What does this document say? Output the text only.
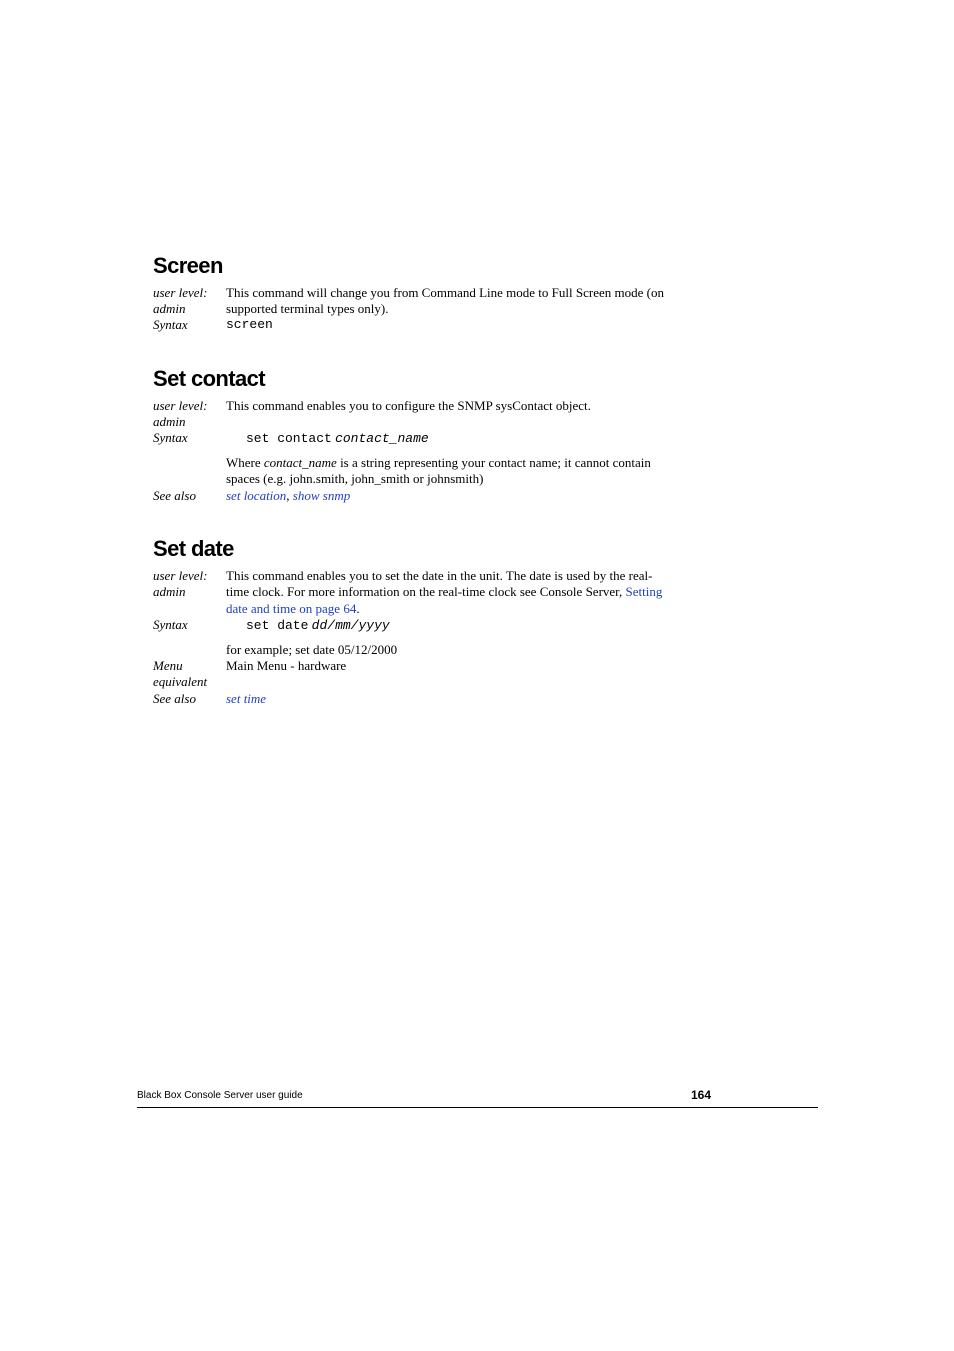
Screen
user level: This command will change you from Command Line mode to Full Screen mode (on
admin	supported terminal types only).
Syntax	screen
Set contact
user level: This command enables you to configure the SNMP sysContact object.
admin
Syntax	set contact contact_name
Where contact_name is a string representing your contact name; it cannot contain
spaces (e.g. john.smith, john_smith or johnsmith)
See also set location, show snmp
Set date
user level: This command enables you to set the date in the unit. The date is used by the real-
admin	time clock. For more information on the real-time clock see Console Server, Setting
date and time on page 64.
Syntax	set date dd/mm/yyyy
for example; set date 05/12/2000
Menu	Main Menu - hardware
equivalent
See also set time
Black Box Console Server user guide	164
